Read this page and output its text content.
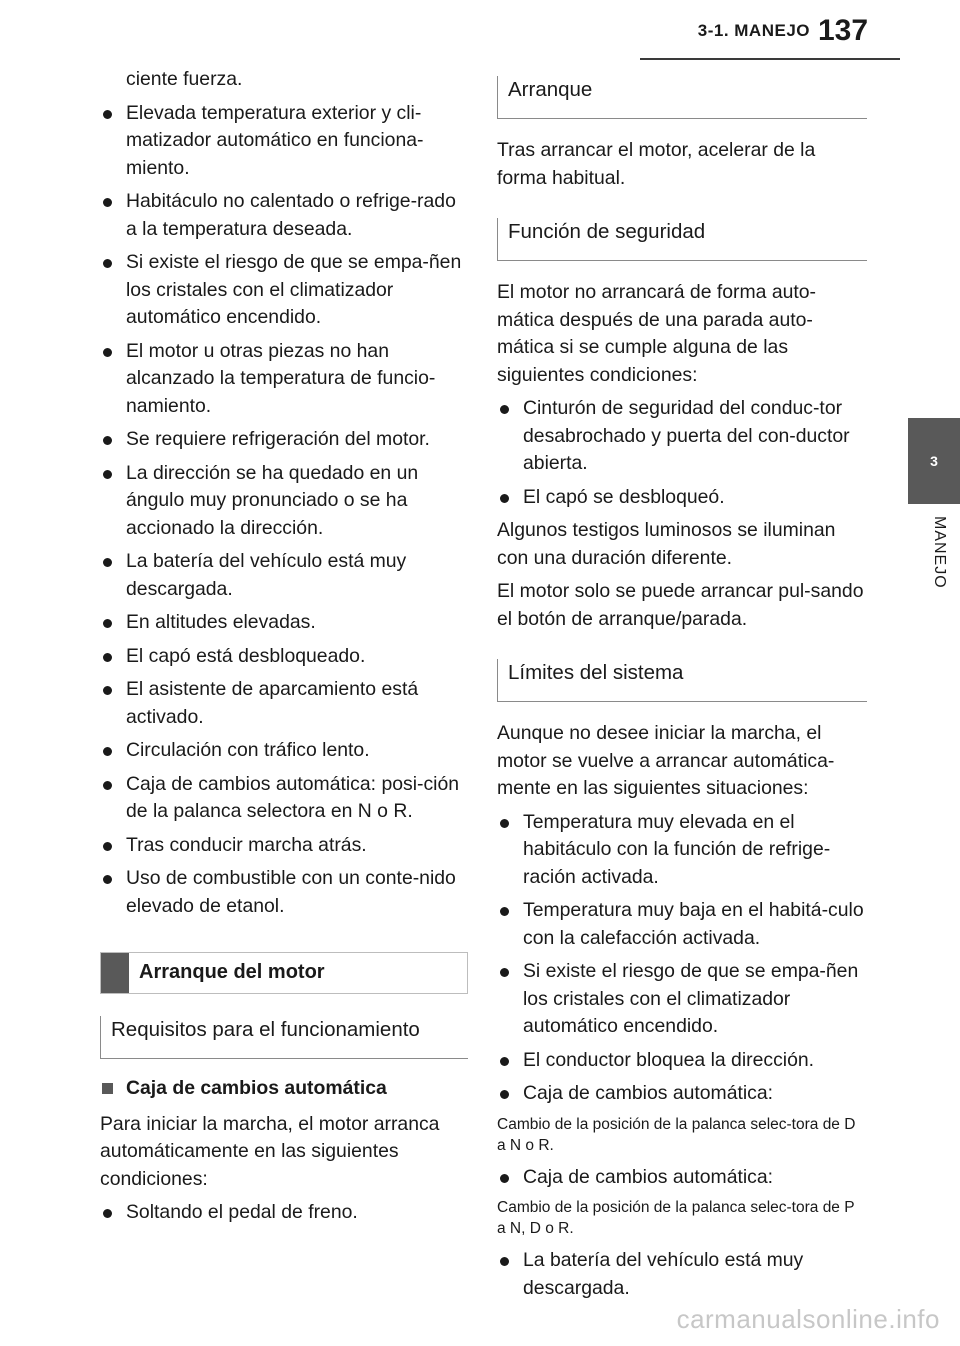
3-1. MANEJO 137
3
MANEJO
ciente fuerza.
Elevada temperatura exterior y cli-matizador automático en funciona-miento.
Habitáculo no calentado o refrige-rado a la temperatura deseada.
Si existe el riesgo de que se empa-ñen los cristales con el climatizador automático encendido.
El motor u otras piezas no han alcanzado la temperatura de funcio-namiento.
Se requiere refrigeración del motor.
La dirección se ha quedado en un ángulo muy pronunciado o se ha accionado la dirección.
La batería del vehículo está muy descargada.
En altitudes elevadas.
El capó está desbloqueado.
El asistente de aparcamiento está activado.
Circulación con tráfico lento.
Caja de cambios automática: posi-ción de la palanca selectora en N o R.
Tras conducir marcha atrás.
Uso de combustible con un conte-nido elevado de etanol.
Arranque del motor
Requisitos para el funcionamiento
Caja de cambios automática
Para iniciar la marcha, el motor arranca automáticamente en las siguientes condiciones:
Soltando el pedal de freno.
Arranque
Tras arrancar el motor, acelerar de la forma habitual.
Función de seguridad
El motor no arrancará de forma auto-mática después de una parada auto-mática si se cumple alguna de las siguientes condiciones:
Cinturón de seguridad del conduc-tor desabrochado y puerta del con-ductor abierta.
El capó se desbloqueó.
Algunos testigos luminosos se iluminan con una duración diferente.
El motor solo se puede arrancar pul-sando el botón de arranque/parada.
Límites del sistema
Aunque no desee iniciar la marcha, el motor se vuelve a arrancar automática-mente en las siguientes situaciones:
Temperatura muy elevada en el habitáculo con la función de refrige-ración activada.
Temperatura muy baja en el habitá-culo con la calefacción activada.
Si existe el riesgo de que se empa-ñen los cristales con el climatizador automático encendido.
El conductor bloquea la dirección.
Caja de cambios automática:
Cambio de la posición de la palanca selec-tora de D a N o R.
Caja de cambios automática:
Cambio de la posición de la palanca selec-tora de P a N, D o R.
La batería del vehículo está muy descargada.
carmanualsonline.info
